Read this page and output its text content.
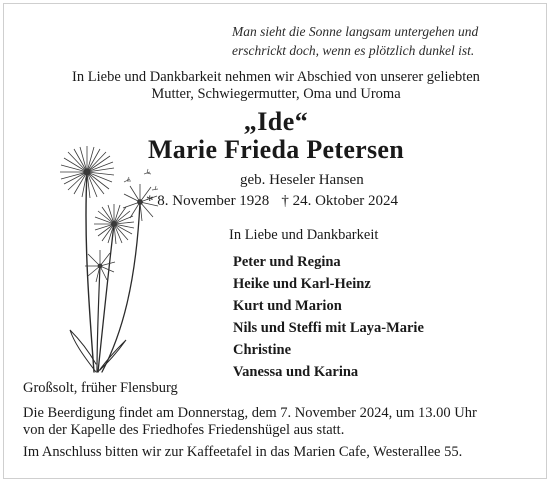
Man sieht die Sonne langsam untergehen und
erschrickt doch, wenn es plötzlich dunkel ist.
In Liebe und Dankbarkeit nehmen wir Abschied von unserer geliebten
Mutter, Schwiegermutter, Oma und Uroma
„Ide“
Marie Frieda Petersen
geb. Heseler Hansen
* 8. November 1928 † 24. Oktober 2024
In Liebe und Dankbarkeit
Peter und Regina
Heike und Karl-Heinz
Kurt und Marion
Nils und Steffi mit Laya-Marie
Christine
Vanessa und Karina
Großsolt, früher Flensburg
Die Beerdigung findet am Donnerstag, dem 7. November 2024, um 13.00 Uhr
von der Kapelle des Friedhofes Friedenshügel aus statt.
Im Anschluss bitten wir zur Kaffeetafel in das Marien Cafe, Westerallee 55.
